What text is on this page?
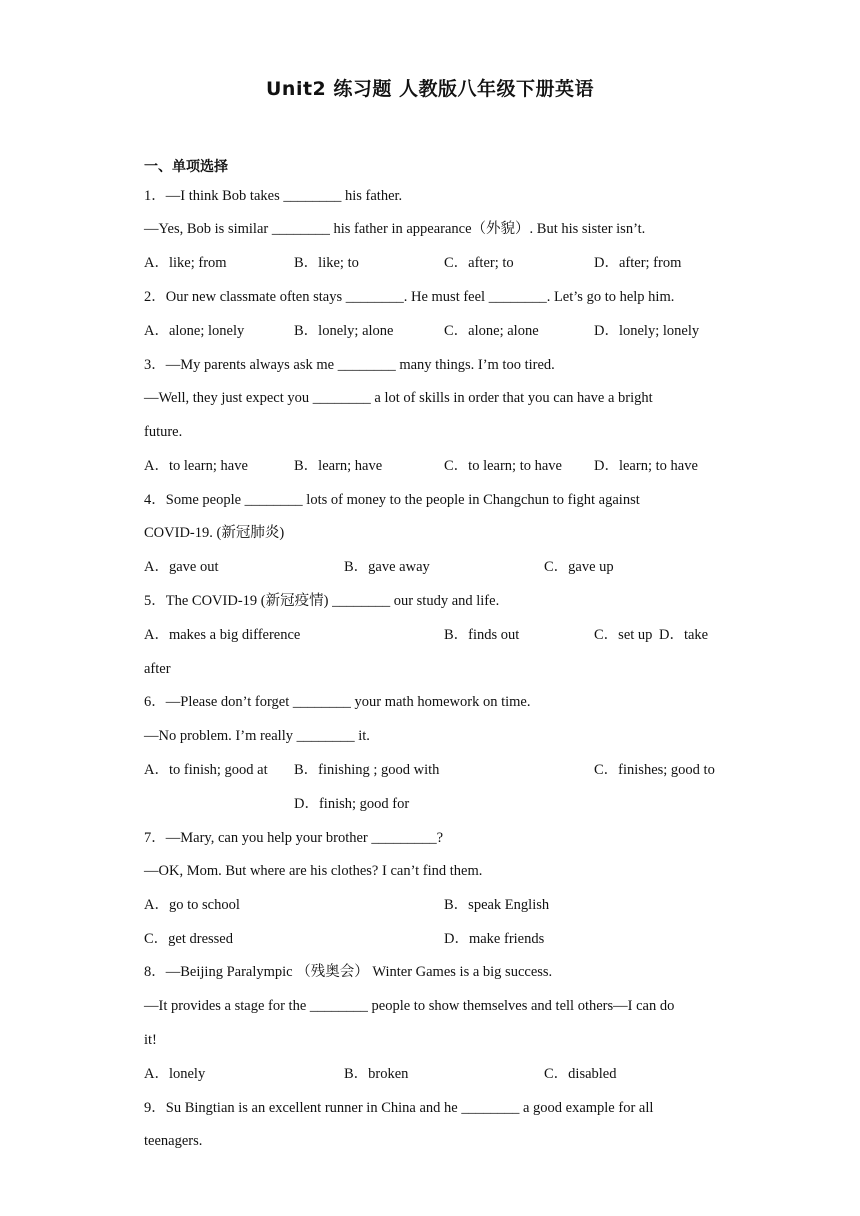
Unit2 练习题 人教版八年级下册英语
一、单项选择
1．—I think Bob takes ________ his father.
—Yes, Bob is similar ________ his father in appearance（外貌）. But his sister isn’t.
A．like; from	B．like; to	C．after; to	D．after; from
2．Our new classmate often stays ________. He must feel ________. Let’s go to help him.
A．alone; lonely	B．lonely; alone	C．alone; alone	D．lonely; lonely
3．—My parents always ask me ________ many things. I’m too tired.
—Well, they just expect you ________ a lot of skills in order that you can have a bright
future.
A．to learn; have	B．learn; have	C．to learn; to have D．learn; to have
4．Some people ________ lots of money to the people in Changchun to fight against
COVID-19. (新冠肺炎)
A．gave out	B．gave away	C．gave up
5．The COVID-19 (新冠疫情) ________ our study and life.
A．makes a big difference	B．finds out	C．set up D．take
after
6．—Please don’t forget ________ your math homework on time.
—No problem. I’m really ________ it.
A．to finish; good at B．finishing ; good with	C．finishes; good to
D．finish; good for
7．—Mary, can you help your brother _________?
—OK, Mom. But where are his clothes? I can’t find them.
A．go to school	B．speak English
C．get dressed	D．make friends
8．—Beijing Paralympic （残奥会） Winter Games is a big success.
—It provides a stage for the ________ people to show themselves and tell others—I can do
it!
A．lonely	B．broken	C．disabled
9．Su Bingtian is an excellent runner in China and he ________ a good example for all
teenagers.
